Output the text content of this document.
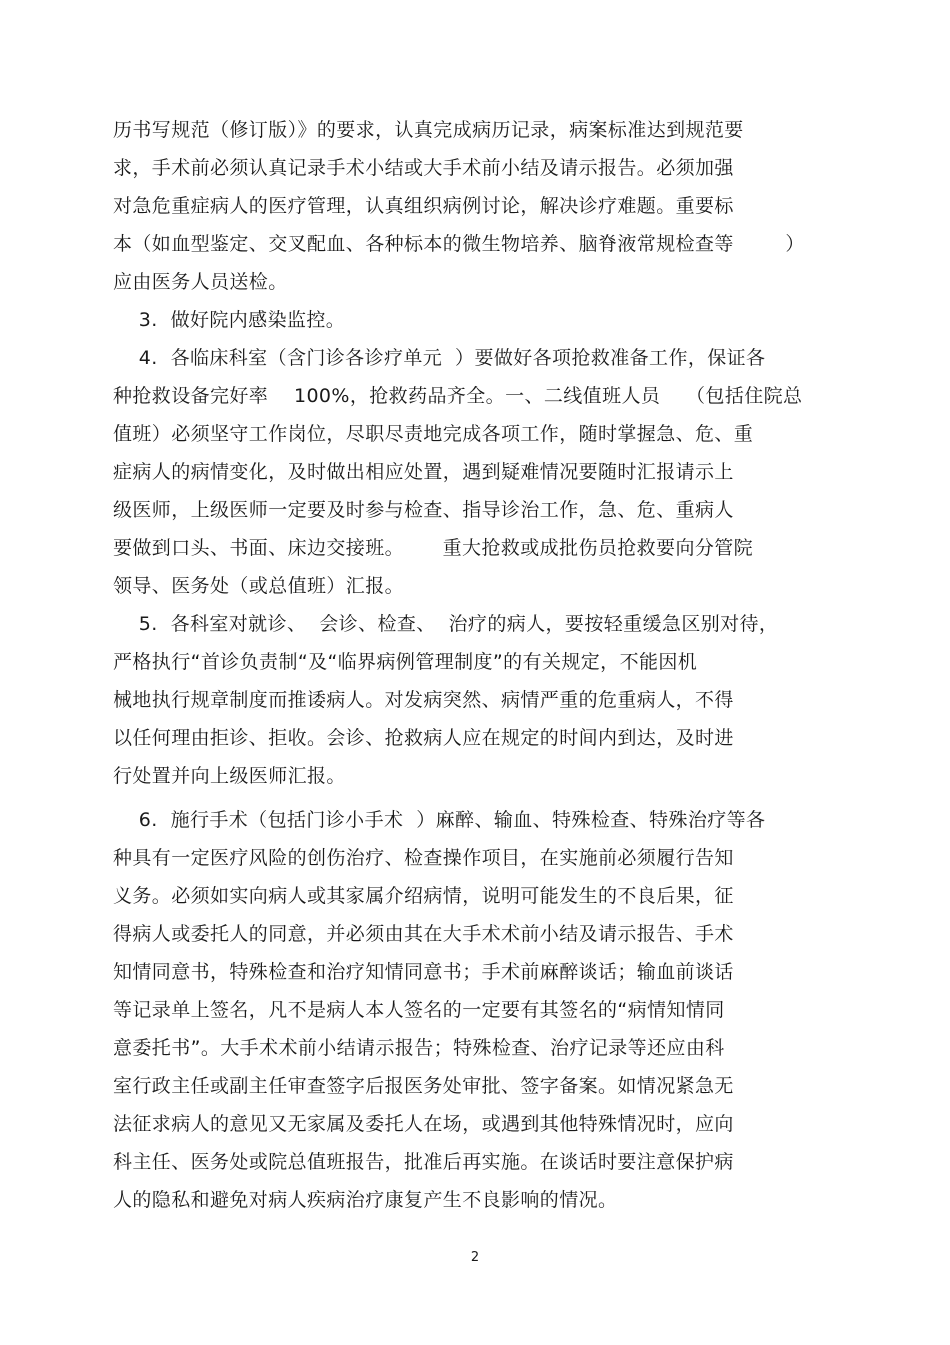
历书写规范（修订版）》的要求，认真完成病历记录，病案标准达到规范要
求，手术前必须认真记录手术小结或大手术前小结及请示报告。必须加强
对急危重症病人的医疗管理，认真组织病例讨论，解决诊疗难题。重要标
本（如血型鉴定、交叉配血、各种标本的微生物培养、脑脊液常规检查等        ）
应由医务人员送检。
3.  做好院内感染监控。
4.  各临床科室（含门诊各诊疗单元  ）要做好各项抢救准备工作，保证各
种抢救设备完好率    100%，抢救药品齐全。一、二线值班人员    （包括住院总
值班）必须坚守工作岗位，尽职尽责地完成各项工作，随时掌握急、危、重
症病人的病情变化，及时做出相应处置，遇到疑难情况要随时汇报请示上
级医师，上级医师一定要及时参与检查、指导诊治工作，急、危、重病人
要做到口头、书面、床边交接班。      重大抢救或成批伤员抢救要向分管院
领导、医务处（或总值班）汇报。
5.  各科室对就诊、  会诊、检查、  治疗的病人，要按轻重缓急区别对待，
严格执行“首诊负责制“及“临界病例管理制度”的有关规定，不能因机
械地执行规章制度而推诿病人。对发病突然、病情严重的危重病人，不得
以任何理由拒诊、拒收。会诊、抢救病人应在规定的时间内到达，及时进
行处置并向上级医师汇报。
6.  施行手术（包括门诊小手术  ）麻醉、输血、特殊检查、特殊治疗等各
种具有一定医疗风险的创伤治疗、检查操作项目，在实施前必须履行告知
义务。必须如实向病人或其家属介绍病情，说明可能发生的不良后果，征
得病人或委托人的同意，并必须由其在大手术术前小结及请示报告、手术
知情同意书，特殊检查和治疗知情同意书；手术前麻醉谈话；输血前谈话
等记录单上签名，凡不是病人本人签名的一定要有其签名的“病情知情同
意委托书”。大手术术前小结请示报告；特殊检查、治疗记录等还应由科
室行政主任或副主任审查签字后报医务处审批、签字备案。如情况紧急无
法征求病人的意见又无家属及委托人在场，或遇到其他特殊情况时，应向
科主任、医务处或院总值班报告，批准后再实施。在谈话时要注意保护病
人的隐私和避免对病人疾病治疗康复产生不良影响的情况。
2
